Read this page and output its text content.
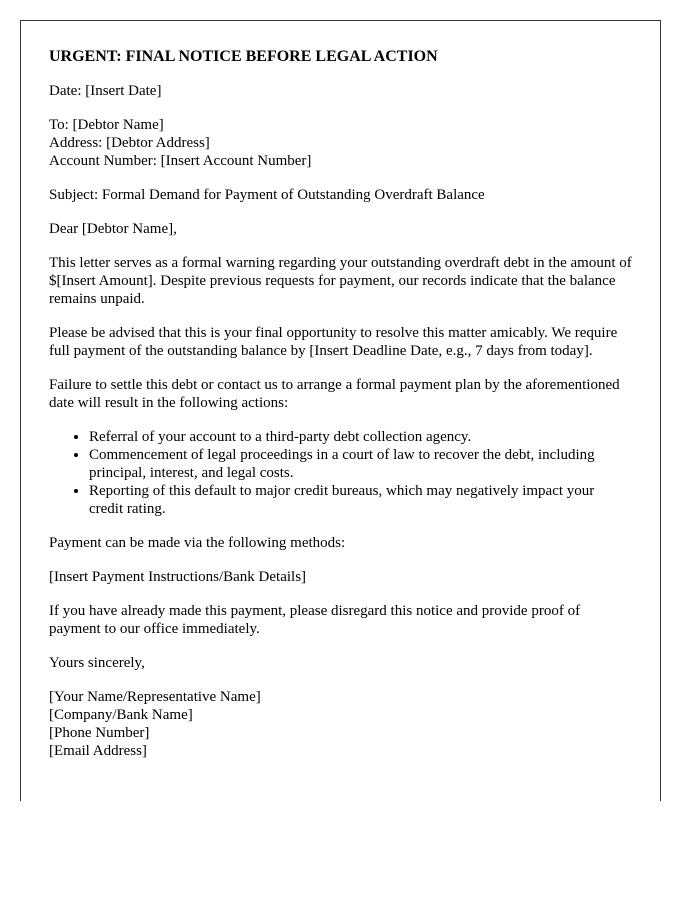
URGENT: FINAL NOTICE BEFORE LEGAL ACTION

Date: [Insert Date]

To: [Debtor Name]
Address: [Debtor Address]
Account Number: [Insert Account Number]

Subject: Formal Demand for Payment of Outstanding Overdraft Balance

Dear [Debtor Name],

This letter serves as a formal warning regarding your outstanding overdraft debt in the amount of $[Insert Amount]. Despite previous requests for payment, our records indicate that the balance remains unpaid.

Please be advised that this is your final opportunity to resolve this matter amicably. We require full payment of the outstanding balance by [Insert Deadline Date, e.g., 7 days from today].

Failure to settle this debt or contact us to arrange a formal payment plan by the aforementioned date will result in the following actions:

• Referral of your account to a third-party debt collection agency.
• Commencement of legal proceedings in a court of law to recover the debt, including principal, interest, and legal costs.
• Reporting of this default to major credit bureaus, which may negatively impact your credit rating.

Payment can be made via the following methods:

[Insert Payment Instructions/Bank Details]

If you have already made this payment, please disregard this notice and provide proof of payment to our office immediately.

Yours sincerely,

[Your Name/Representative Name]
[Company/Bank Name]
[Phone Number]
[Email Address]
